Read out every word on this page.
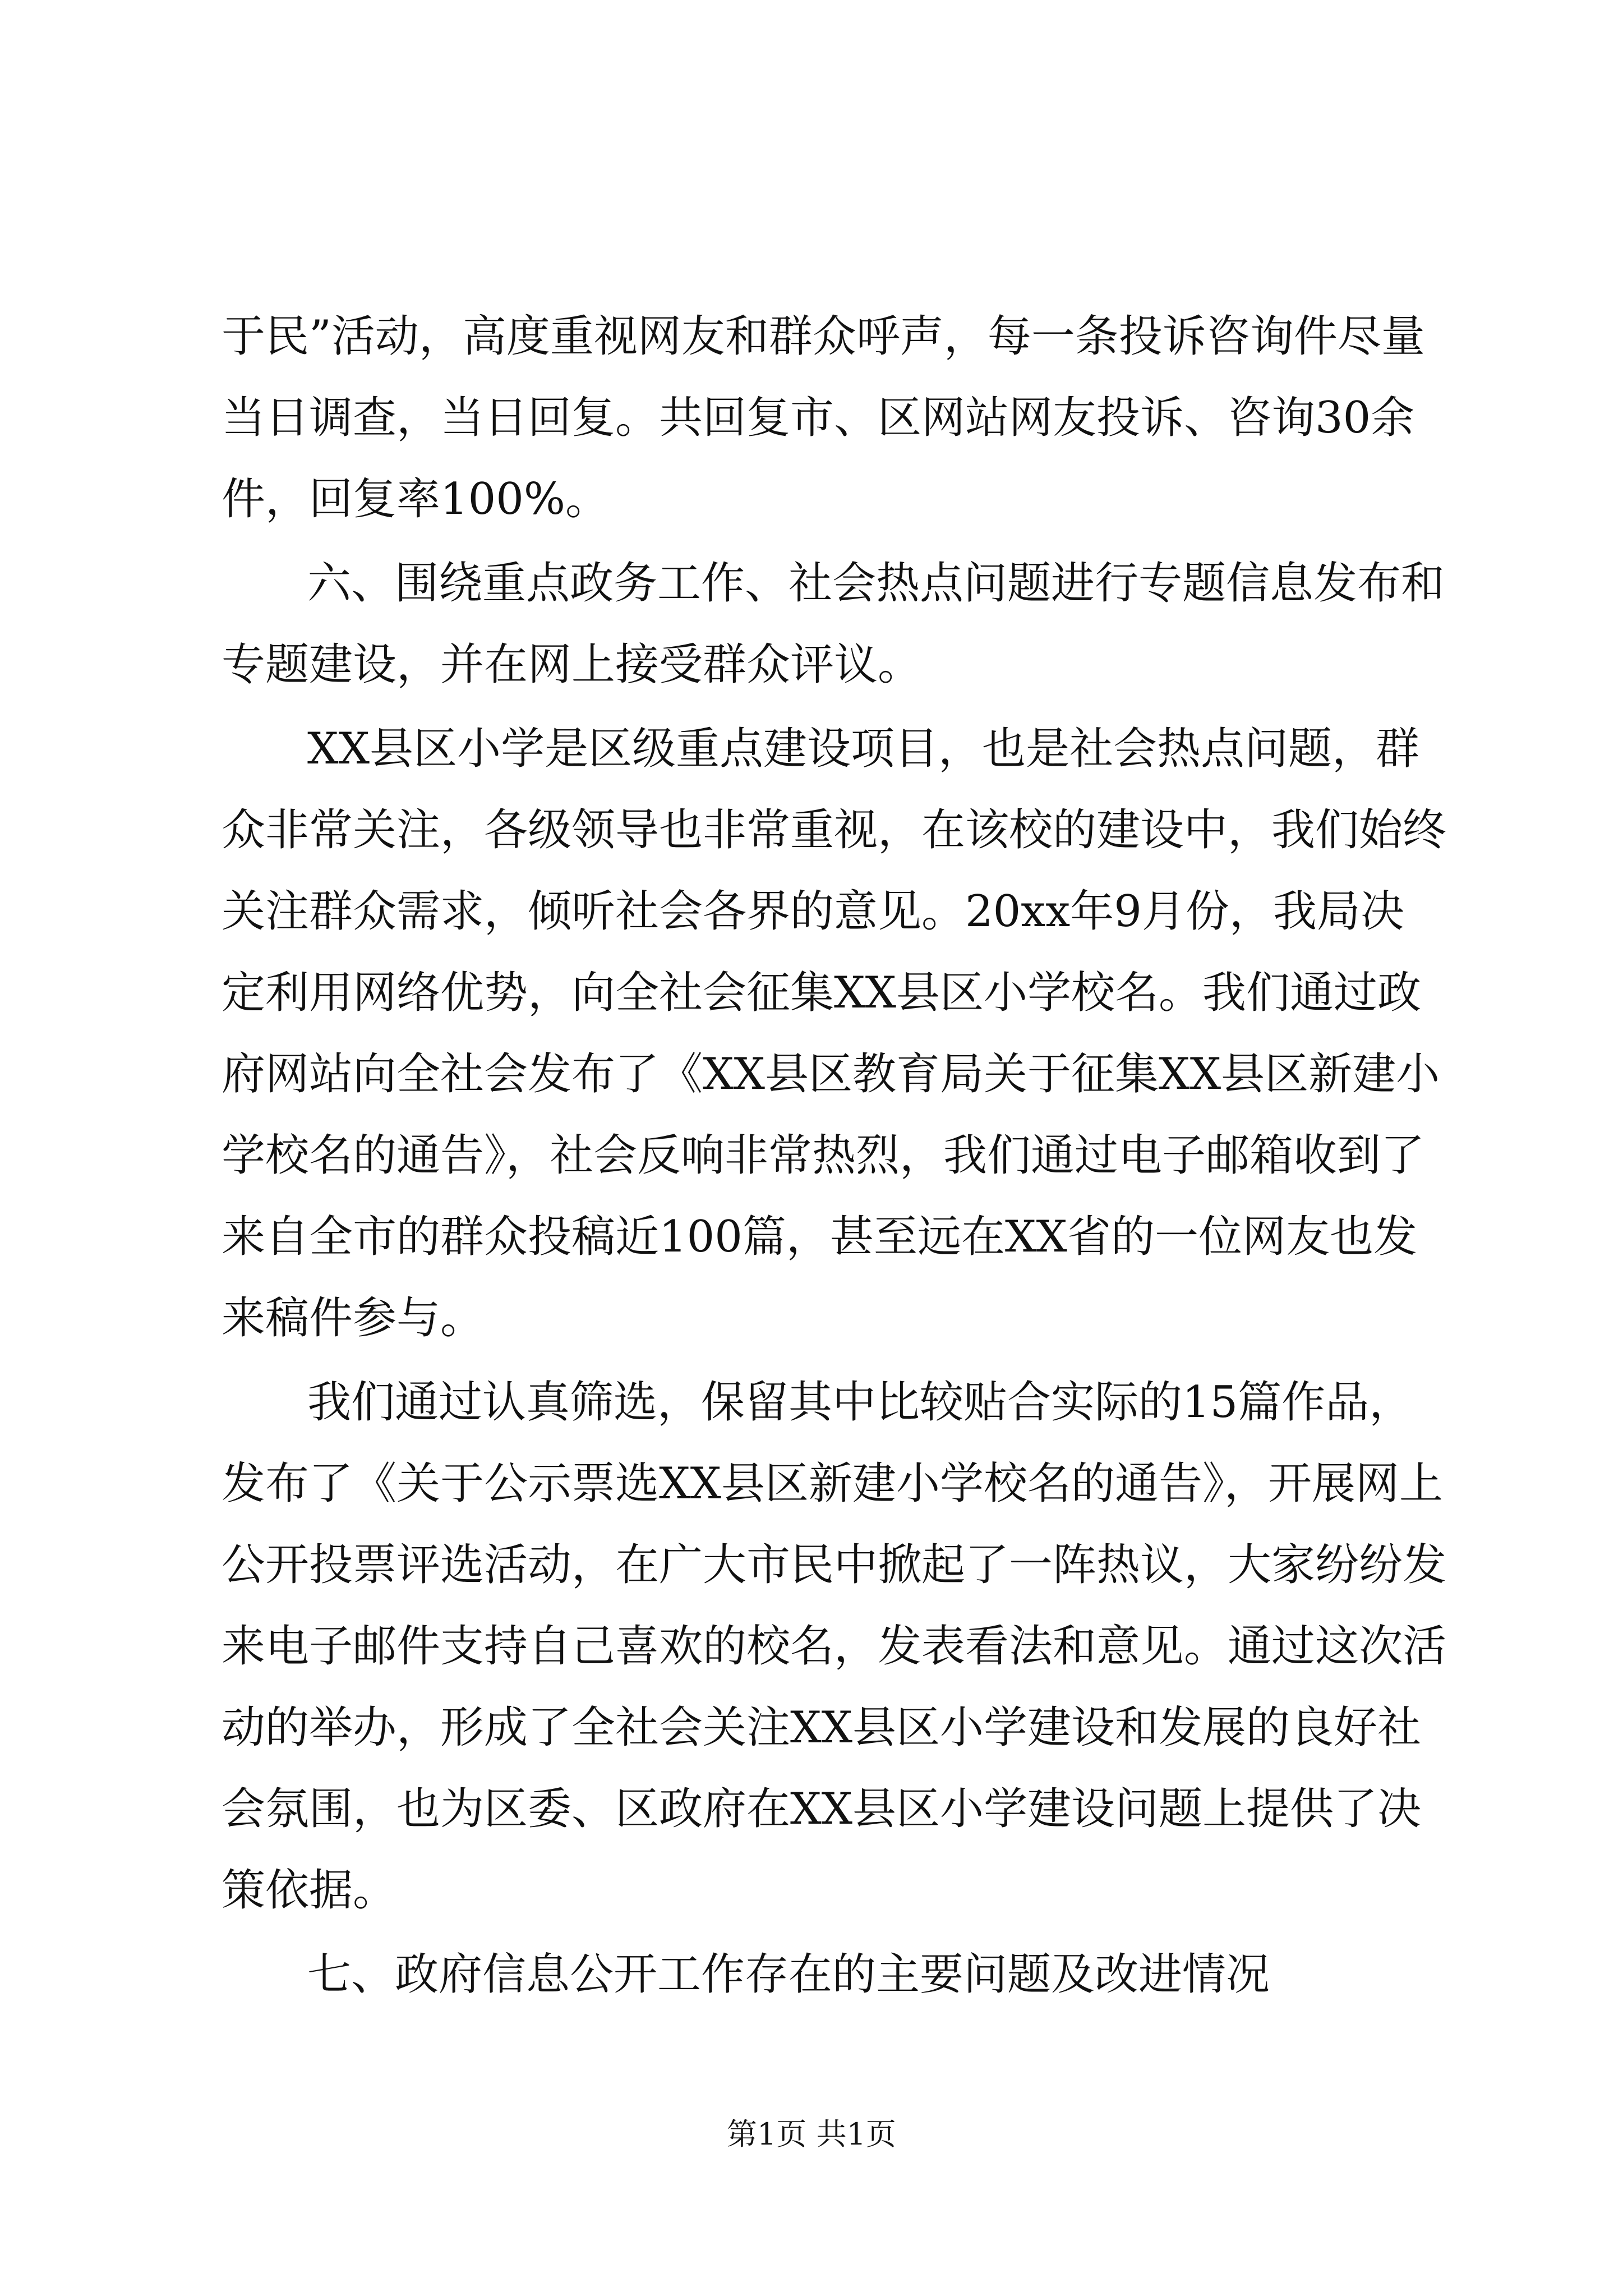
于民”活动，高度重视网友和群众呼声，每一条投诉咨询件尽量
当日调查，当日回复。共回复市、区网站网友投诉、咨询30余
件，回复率100%。
六、围绕重点政务工作、社会热点问题进行专题信息发布和
专题建设，并在网上接受群众评议。
XX县区小学是区级重点建设项目，也是社会热点问题，群
众非常关注，各级领导也非常重视，在该校的建设中，我们始终
关注群众需求，倾听社会各界的意见。20xx年9月份，我局决
定利用网络优势，向全社会征集XX县区小学校名。我们通过政
府网站向全社会发布了《XX县区教育局关于征集XX县区新建小
学校名的通告》，社会反响非常热烈，我们通过电子邮箱收到了
来自全市的群众投稿近100篇，甚至远在XX省的一位网友也发
来稿件参与。
我们通过认真筛选，保留其中比较贴合实际的15篇作品，
发布了《关于公示票选XX县区新建小学校名的通告》，开展网上
公开投票评选活动，在广大市民中掀起了一阵热议，大家纷纷发
来电子邮件支持自己喜欢的校名，发表看法和意见。通过这次活
动的举办，形成了全社会关注XX县区小学建设和发展的良好社
会氛围，也为区委、区政府在XX县区小学建设问题上提供了决
策依据。
七、政府信息公开工作存在的主要问题及改进情况
第1页 共1页
